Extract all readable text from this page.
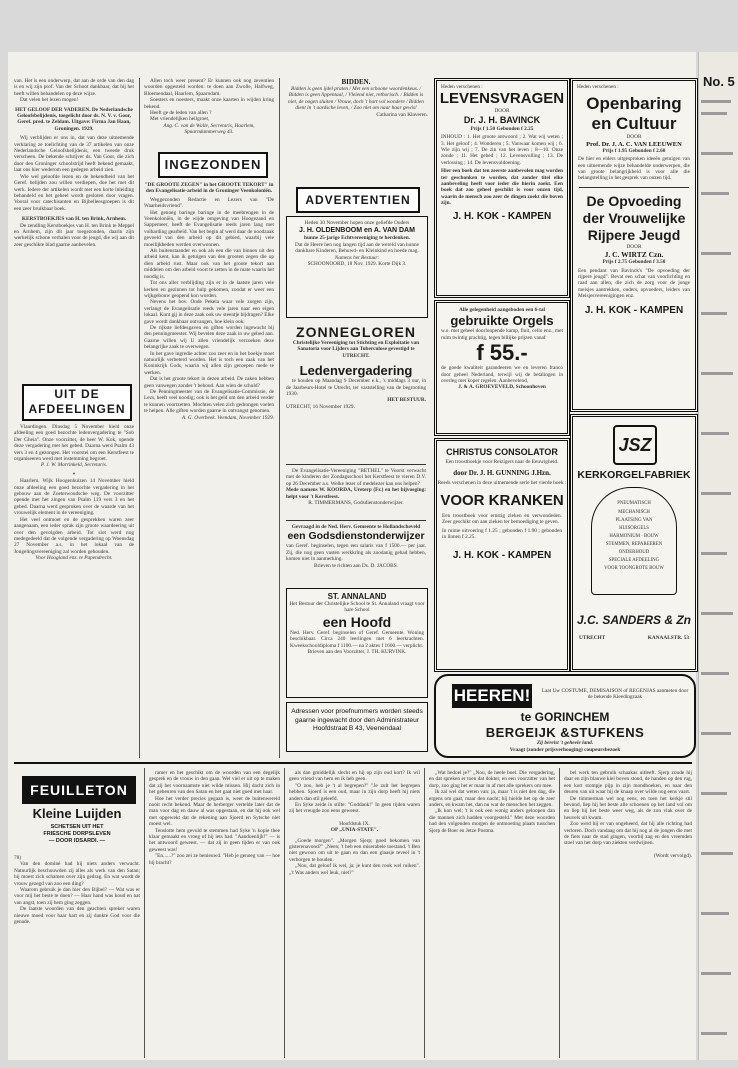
van. Het is een onderwerp, dat aan de orde van den dag is en wij zijn prof. Van der Schoot dankbaar, dat hij het heeft willen behandelen op deze wijze.

Dat velen het lezen mogen!

HET GELOOF DER VADEREN. De Nederlandsche Geloofsbelijdenis, toegelicht door ds. N. V. v. Goor, Geref. pred. te Zeldam. Uitgave: Firma Jan Haan, Groningen. 1929.

Wij verblijden er ons in, dat van deze uitnemende verklaring ze toelichting van de 37 artikelen van onze Nederlandsche Geloofsbelijdenis, een tweede druk verscheen. De bekende schrijver ds. Van Goor, die zich door den Groninger schoolstrijd heeft bekend gemaakt, laat ons hier wederom een gedegen arbeid zien.

Wie wel geloofde lezen en de bekendheid van het Geref. belijden zou willen verdiepen, doe het met dit werk. Iedere der artikelen wordt met een korte inleiding behandeld en het geheel wordt gesloten door vragen. Vooral voor catechisanten en Bijbelleesgroepen is dit een zeer bruikbaar boek.

KERSTBOEKJES van H. ten Brink, Arnhem.

De zendling Kerstboekjes van H. ten Brink te Meppel en Arnhem, zijn dit jaar toegezonden, daarin zijn werkelijk schone verhalen voor de jeugd, die wij aan dit zeer geschikte blad gaarne aanbevelen.

UIT DE AFDEELINGEN

Vlaardingen. Dinsdag 5 November hield onze afdeeling een goed bezochte ledenvergadering te "Sob Der Gheia". Onze voorzitter, de heer W. Kok, opende deze vergadering met het gebed. Daarna werd Psalm 43 vers 3 en 4 gezongen. Het voorstel om een Kerstfeest te organiseeren werd met instemming begroet.

P. J. W. Marrinkeld, Secretaris.

*

Haarlem. Wijk Hoogenhuizen 14 November hield onze afdeeling een goed bezochte vergadering in het gebouw aan de Zoeterwoudsche weg. De voorzitter opende met het zingen van Psalm 119 vers 3 en het gebed. Daarna werd gesproken over de waarde van het vrouwelijk element in de vereeniging.

Het veel ontmoet en de gesprekken waren zeer aangenaam, een ieder sprak zijn groote waardeering uit over den gevolgden arbeid. Tot slot werd nog medegedeeld dat de volgende vergadering op Woensdag 27 November a.s. in het lokaal van de Jongelingsvereeniging zal worden gehouden.

Voor Hoogland enz. te Papendrecht.

Allen toch weer present? Er kunnen ook nog zeventien woorden opgesteld worden: te doen aan Zwolle, Halfweg, Bloemendaal, Haarlem, Spaarndam.

Soesters en noesters, maakt onze kaarten in wijden kring bekend.

Heeft ge de leden van allen ?

Met vriendelijken heilgroet,

Ang. C. van de Walle, Secretaris, Haarlem, Spaarndammerweg 43.

INGEZONDEN

"DE GROOTE ZEGEN" in het GROOTE TEKORT" in den Evangelisatie-arbeid in de Groninger Veenkoloniën.

Weggezonden Redactie en Lezers van "De Waarheidsvriend".

Het genoeg baringe baringe in de meebrengen in de Veenkoloniën, in de wijde omgeving van Hoogezand en Sappemeer, heeft de Evangelisatie reeds jaren lang met volharding gearbeid. Van het begin af werd daar de noodzaak gevoeld van den arbeid op dit gebied, waarbij vele moeilijkheden werden overwonnen.

Als buitenstaander en ook als een die van binnen uit den arbeid kent, kan ik getuigen van den grooten zegen die op dien arbeid rust. Maar ook van het groote tekort aan middelen om den arbeid voort te zetten in de mate waarin het noodig is.

Tot ons aller verblijding zijn er in de laatste jaren vele kerken en gezinnen tot hulp gekomen, zoodat er weer een wijkgebouw geopend kon worden.

Nevens het bov. Onde Pekela waar vele zorgen zijn, verlangt de Evangelisatie reeds vele jaren naar een eigen lokaal. Kunt gij in deze zaak ook uw steentje bijdragen? Elke gave wordt dankbaar ontvangen, hoe klein ook.

De rijkste liefdesgaven en giften worden ingewacht bij den penningmeester. Wij bevelen deze zaak in uw gebed aan. Gaarne willen wij U allen vriendelijk verzoeken deze belangrijke zaak te overwegen.

In het gave ingredie achter zoo zeer en in het boekje moet natuurlijk verbeterd worden. Het is toch een zaak van het Koninkrijk Gods, waarin wij allen zijn geroepen mede te werken.

Dat is het groote tekort in dezen arbeid. De zaken hebben geen vanwegen zonder 't behoud. Aan wien de schuld?

De Penningmeester van de Evangelisatie-Commissie, de Lezs, heeft veel noodig; ook is het geld om den arbeid verder te kunnen voortzetten. Mochten velen zich gedrongen voelen te helpen. Alle giften worden gaarne in ontvangst genomen.

A. G. Overbeek. Veendam, November 1929.

BIDDEN.

Bidden is geen ijdel praten / Met een schoone woordenkeus. / Bidden is geen lippentaal, / Vleiend niet, rethorisch. / Bidden is niet, de oogen sluiten / Vrouw, doch 't hart vol wondere / Bidden dient in 't aardsche leven, / Zoo niet om naar haar gewis!

Catharina van Klaveren.

ADVERTENTIEN

Heden 30 November hopen onze geliefde Ouders

J. H. OLDENBOOM en A. VAN DAM

hunne 25-jarige Echtvereeniging te herdenken.

Dat de Heere hen nog langen tijd aan de wereld van hunne dankbare Kinderen, Behuwd- en Kleinkind en hoede mag.

Namens het Bestuur:

SCHOONOORD, 18 Nov. 1929. Korte Dijk 3.

ZONNEGLOREN

Christelijke Vereeniging tot Stichting en Exploitatie van Sanatoria voor Lijders aan Tuberculose gevestigd te UTRECHT.

Ledenvergadering

te houden op Maandag 9 December e.k., 's middags 3 uur, in de Jaarbeurs-Hotel te Utrecht, ter vaststelling van de begrooting 1930.

HET BESTUUR.

UTRECHT, 16 November 1929.

De Evangelisatie-Vereeniging "BETHEL" te Voorst verwacht met de kinderen der Zondagsschool het Kerstfeest te vieren D.V. op 26 December a.s. Welke lezer of medelezer kan ons helpen?

Mede namens W. KOORDA, Ureterp (Fr.) en het bijvoeging: helpt voor 't Kerstfeest.

R. TIMMERMANS, Godsdienstonderwijzer.

Gevraagd in de Ned. Herv. Gemeente te Hollandscheveld

een Godsdienstonderwijzer

van Geref. beginselen, tegen een salaris van f 1500.— per jaar. Zij, die nog geen vasten werkkring als zoodanig gehad hebben, komen niet in aanmerking.

Brieven te richten aan Ds. D. JACOBS.

ST. ANNALAND

Het Bestuur der Christelijke School te St. Annaland vraagt voor hare School

een Hoofd

Ned. Herv. Geref. beginselen of Geref. Gemeente. Woning beschikbaar. Circa 240 leerlingen met 6 leerkrachten. Kweekschooldiploma f 1100.— na 2 aktes f 1600.— verplicht.

Brieven aan den Voorzitter, J. TH. KURVINK.

Adressen voor proefnummers worden steeds gaarne ingewacht door den Administrateur Hoofdstraat B 43, Veenendaal

Heden verschenen :

LEVENSVRAGEN

DOOR

Dr. J. H. BAVINCK

Prijs f 1.50 Gebonden f 2.25

INHOUD : 1. Het groote antwoord ; 2. Wat wij weten ; 3. Het geloof ; 4. Wonderen ; 5. Vanwaar komen wij ; 6. Wie zijn wij ; 7. De zin van het leven ; 8—10. Onze zonde ; 11. Het gebed ; 12. Levensvulling ; 13. De verlossing ; 14. De levensvoldoening.

Hier een boek dat ten zeerste aanbevolen mag worden ter geschonken te worden, dat zonder titel elke aanbeveling heeft voor ieder die hierin zoekt. Een boek dat zoo geheel geschikt is voor onzen tijd, waarin de mensch zoo zeer de dingen zoekt die boven zijn.

J. H. KOK - KAMPEN

Alle gelegenheid aangeboden een 6-tal

gebruikte Orgels

w.o. met geheel doorloopende kamp, fluit, cello enz., met ruim twintig prachtig, tegen billijke prijzen vanaf

f 55.-

de goede kwaliteit garandeeren we en leveren franco door geheel Nederland, terwijl wij de betalingen in overleg met koper regelen. Aanbevelend,

J. & A. GROEVEVELD, Schoonhoven

CHRISTUS CONSOLATOR

Een troostboekje voor Reizigers naar de Eeuwigheid.

door Dr. J. H. GUNNING J.Hzn.

Reeds verschenen in deze uitnemende serie het vierde boek :

VOOR KRANKEN

Een troostboek voor ernstig zieken en verwondeden. Zeer geschikt om aan zieken ter bemoediging te geven.

In ruime uitvoering f 1.25 ; gebonden f 1.90 ; gebonden in linnen f 2.25.

J. H. KOK - KAMPEN

Heden verschenen :

Openbaring

en Cultuur

DOOR

Prof. Dr. J. A. C. VAN LEEUWEN

Prijs f 1.95 Gebonden f 2.60

De hier en elders uitgesproken ideeën getuigen van een uitnemende wijze behandelde onderwerpen, die van groote belangrijkheid is voor alle die belangstelling in het gesprek van onzen tijd.

De Opvoeding

der Vrouwelijke

Rijpere Jeugd

DOOR

J. C. WIRTZ Czn.

Prijs f 2.75 Gebonden f 3.50

Een pendant van Bavinck's "De opvoeding der rijpere jeugd". Bevat een schat van voorlichting en raad aan allen, die zich de zorg voor de jonge meisjes aantrekken, ouders, opvoeders, leiders van Meisjesvereenigingen enz.

J. H. KOK - KAMPEN

JSZ

KERKORGELFABRIEK

PNEUMATISCH

MECHANISCH

PLAATSING VAN

HUISORGELS

HARMONIUM · BOUW

STEMMEN, REPAREEREN

ONDERHOUD

SPECIALE AFDEELING

VOOR TOONGROTE BOUW

J.C. SANDERS & Zn

UTRECHT	KANAALSTR. 53
HEEREN!	Laat Uw COSTUME, DEMISAISON of REGENJAS aanmeten door de bekende Kleedingzaak

te GORINCHEM

BERGEIJK &STUFKENS

Zij bereist 't geheele land.

Vraagt (zonder prijsverhooging) coupeursbezoek

FEUILLETON

Kleine Luijden

SCHETSEN UIT HET

FRIESCHE DORPSLEVEN

— DOOR IDSARDI. —

78)

Van den dominé had hij niets anders verwacht. Natuurlijk beschouwden zij alles als werk van den Satan; hij moest zich schamen over zijn gedrag. En wat wordt de vrouw gezegd van zoo een ding?

Waarom gebruik je dan hier den Bijbel? — Wat was er voor mij het beste te doen? — Haar hand was koud en nat van angst, toen zij hem ging zeggen.

De laatste woorden van den geachten spreker waren nieuwe moed voor haar hart en zij dankte God voor die genade.

ramer en het geschikt om de woorden van een degelijk gesprek en de vrouw in den gaan. Wel viel er uit op te maken dat zij het voornaamste niet wilde missen. Hij dacht zich in het gebeuren van den Satan en het gaat niet goed met haar.

Hoe het verder precies gegaan is, weet de buitenwereld nooit recht bekend. Maar de herberger vertelde later dat de man voor dag en dauw al was opgestaan, en dat hij ook wel met opgewekt dat de rekening aan Sjoerd en Sytsche niet moest wel.

Tenslotte hem gevuld te stemmen had Syke 'n kopie thee klaar gemaakt en vroeg of hij iets had. "Aandoenlijk!" — is het antwoord geweest. — dat zij in geen tijden er van ook geweest was!

"En......?" zoo zei ze benieuwd. "Heb je genoeg van — hoe hij bracht?

als dan gmiddelijk slecht en hij op zijn oud kort? Ik wil geen vriend van hem en ik heb geen.

"O zoo, heb je 't al begrepen?" "Je zult het begrepen hebben. Sjoerd is een oud, maar in zijn dorp heeft hij niets anders dan stil geleefd.

En Syke zeide in stilte: "Goddank!" In geen tijden waren zij het vreugde zoo eens geweest.

Hoofdstuk IX.

OP „UNIA-STATE".

„Goede morgen". „Morgen Sjerp; goed bekomen van gisterenavond?" „Neen; 't heb een miserabele toestand. 't Ben niet gewoon om uit te gaan en dan een glaasje teveel in 't verborgen te houden.

„Nou, dat geloof ik wel, ja; je kunt den rook wel ruiken". „'t Was anders wel leuk, niet?"

„Wat bedoel je?" „Nou, de heele boel. Die vergadering, en dat spreken er toen dat dokter, en een voorzitter van het dorp, zoo ging het er maar in af met alle sprekers om mee.

Ik zal wel dat weten van: ja, maar 't is niet den dag, die ergens om gaat, maar den nacht; hij hielde het op de zeer anders, en kwam het, dan nu wat de menschen het zeggen.

„Ik kon wel; 't is ook een wonig anders geloopen dan die mannen zich hadden voorgesteld." Met deze woorden had den volgenden morgen de ontmoeting plaats tusschen Sjerp de Boer en Jetze Postma.

bel werk ten gebruik schaakas uitleeft. Sjerp zoude hij daar en zijn blauwe kiel boven stond, de handen op den rug, een kort stompje pijp in zijn mondhoeken, en naar den deuren van uit waar hij de knaap over wilde nog eens vaart.

De timmerman wel nog eens, en toen het kerkje stil bevond, liep hij het beste alle schoenen op het land vol om en liep hij het beste weer weg, als de zon vlak over de heuvels uit kwam.

Zoo werd hij er van ongeheerd, dat hij alle richting had verloren. Doch vandaag om dat hij nog al de jongen die met de fiets naar de stad gingen, voorbij zag en den vreemden stoel van het dorp van ziekten verdwijnen.

(Wordt vervolgd).

No. 5
